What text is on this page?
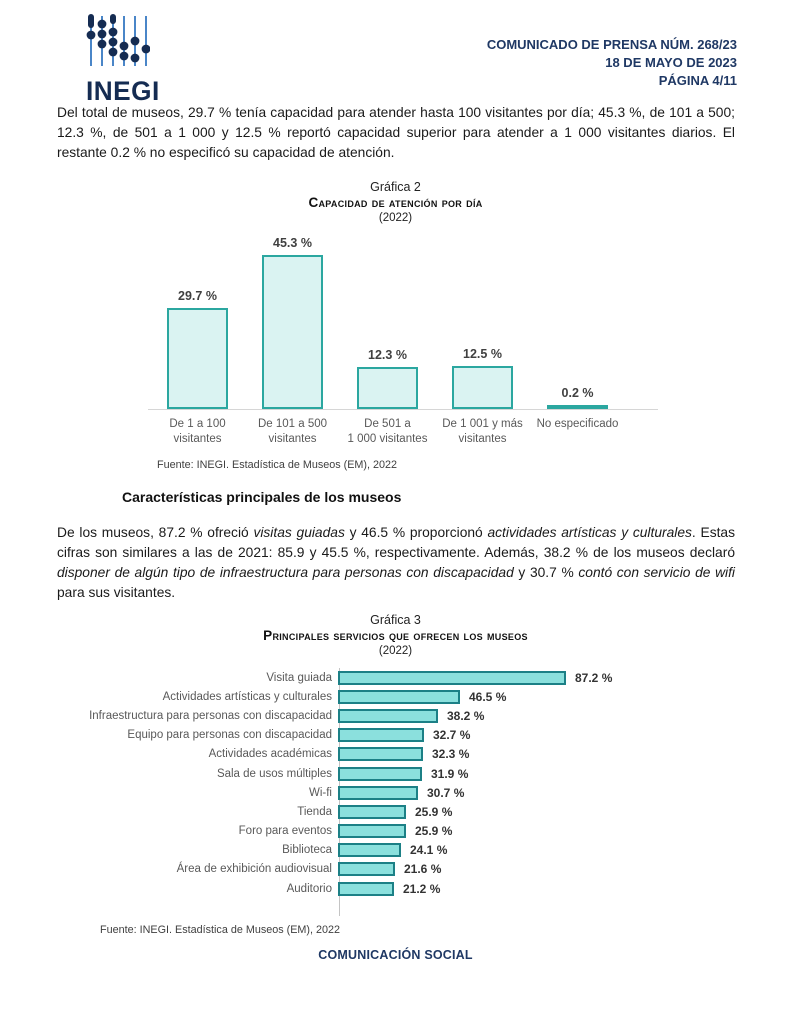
INEGI
COMUNICADO DE PRENSA NÚM. 268/23
18 DE MAYO DE 2023
PÁGINA 4/11

Del total de museos, 29.7 % tenía capacidad para atender hasta 100 visitantes por día; 45.3 %, de 101 a 500; 12.3 %, de 501 a 1 000 y 12.5 % reportó capacidad superior para atender a 1 000 visitantes diarios. El restante 0.2 % no especificó su capacidad de atención.

Gráfica 2
Capacidad de atención por día
(2022)
29.7 %
45.3 %
12.3 %	12.5 %
0.2 %
De 1 a 100
visitantes
De 101 a 500
visitantes
De 501 a
1 000 visitantes
De 1 001 y más
visitantes
No especificado
Fuente: INEGI. Estadística de Museos (EM), 2022
Características principales de los museos

De los museos, 87.2 % ofreció visitas guiadas y 46.5 % proporcionó actividades artísticas y culturales. Estas cifras son similares a las de 2021: 85.9 y 45.5 %, respectivamente. Además, 38.2 % de los museos declaró disponer de algún tipo de infraestructura para personas con discapacidad y 30.7 % contó con servicio de wifi para sus visitantes.

Gráfica 3
Principales servicios que ofrecen los museos
(2022)
Visita guiada	87.2 %
Actividades artísticas y culturales	46.5 %
Infraestructura para personas con discapacidad	38.2 %
Equipo para personas con discapacidad	32.7 %
Actividades académicas	32.3 %
Sala de usos múltiples	31.9 %
Wi-fi	30.7 %
Tienda	25.9 %
Foro para eventos	25.9 %
Biblioteca	24.1 %
Área de exhibición audiovisual	21.6 %
Auditorio	21.2 %
Fuente: INEGI. Estadística de Museos (EM), 2022
COMUNICACIÓN SOCIAL
